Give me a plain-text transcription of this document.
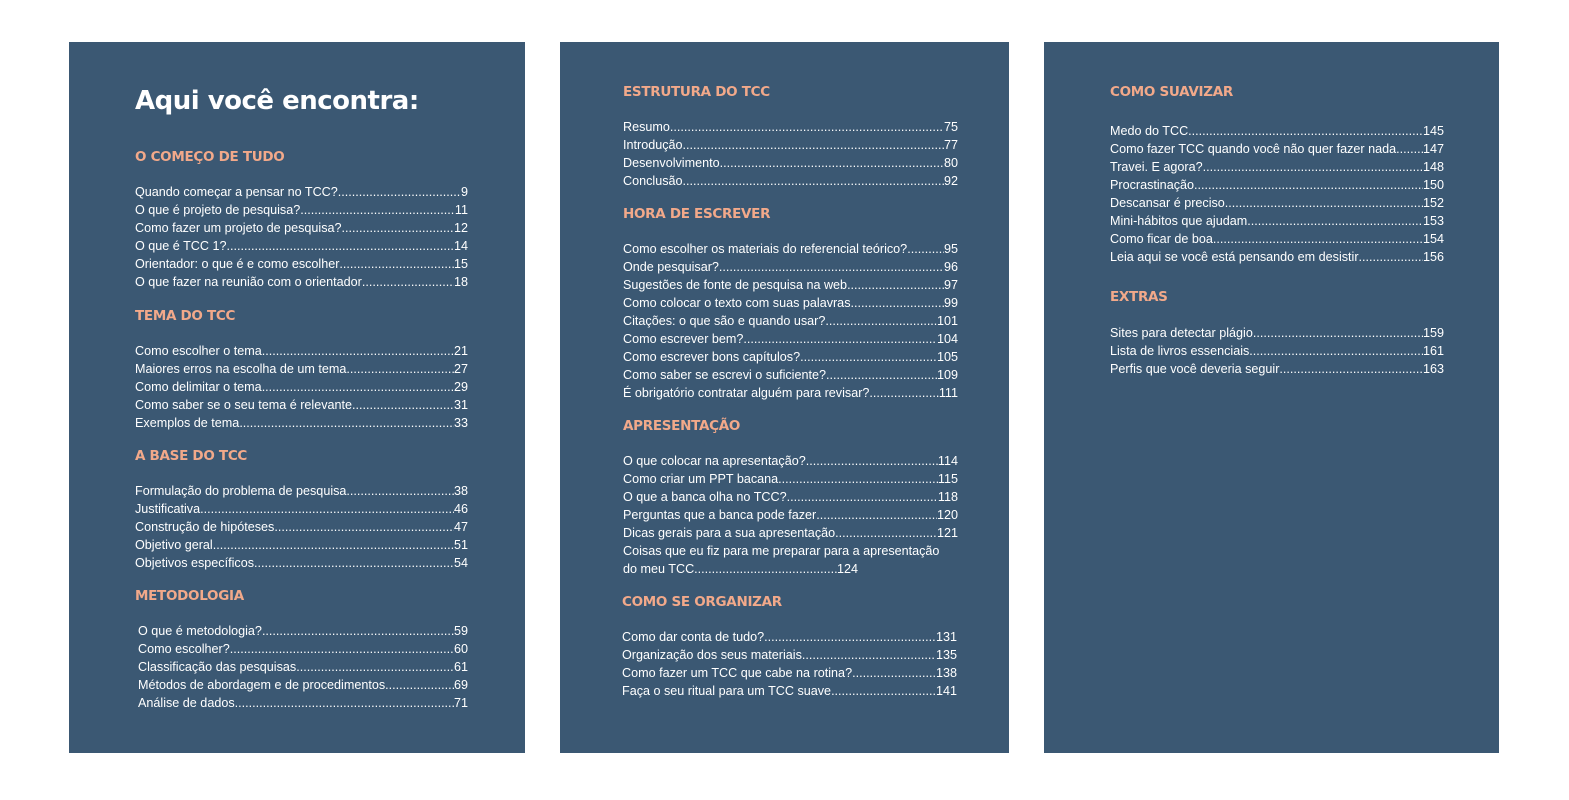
Aqui você encontra:
O COMEÇO DE TUDO
Quando começar a pensar no TCC? .....	9
O que é projeto de pesquisa? .....	11
Como fazer um projeto de pesquisa? .....	12
O que é TCC 1? .....	14
Orientador: o que é e como escolher .....	15
O que fazer na reunião com o orientador .....	18
TEMA DO TCC
Como escolher o tema .....	21
Maiores erros na escolha de um tema .....	27
Como delimitar o tema .....	29
Como saber se o seu tema é relevante .....	31
Exemplos de tema .....	33
A BASE DO TCC
Formulação do problema de pesquisa .....	38
Justificativa .....	46
Construção de hipóteses .....	47
Objetivo geral .....	51
Objetivos específicos .....	54
METODOLOGIA
O que é metodologia? .....	59
Como escolher? .....	60
Classificação das pesquisas .....	61
Métodos de abordagem e de procedimentos .....	69
Análise de dados .....	71
ESTRUTURA DO TCC
Resumo .....	75
Introdução .....	77
Desenvolvimento .....	80
Conclusão .....	92
HORA DE ESCREVER
Como escolher os materiais do referencial teórico? .....	95
Onde pesquisar? .....	96
Sugestões de fonte de pesquisa na web .....	97
Como colocar o texto com suas palavras .....	99
Citações: o que são e quando usar? .....	101
Como escrever bem? .....	104
Como escrever bons capítulos? .....	105
Como saber se escrevi o suficiente? .....	109
É obrigatório contratar alguém para revisar? .....	111
APRESENTAÇÃO
O que colocar na apresentação? .....	114
Como criar um PPT bacana .....	115
O que a banca olha no TCC? .....	118
Perguntas que a banca pode fazer .....	120
Dicas gerais para a sua apresentação .....	121
Coisas que eu fiz para me preparar para a apresentação
do meu TCC .....	124
COMO SE ORGANIZAR
Como dar conta de tudo? .....	131
Organização dos seus materiais .....	135
Como fazer um TCC que cabe na rotina? .....	138
Faça o seu ritual para um TCC suave .....	141
COMO SUAVIZAR
Medo do TCC .....	145
Como fazer TCC quando você não quer fazer nada ..... 147
Travei. E agora? .....	148
Procrastinação .....	150
Descansar é preciso .....	152
Mini-hábitos que ajudam .....	153
Como ficar de boa .....	154
Leia aqui se você está pensando em desistir .....	156
EXTRAS
Sites para detectar plágio .....	159
Lista de livros essenciais .....	161
Perfis que você deveria seguir .....	163
